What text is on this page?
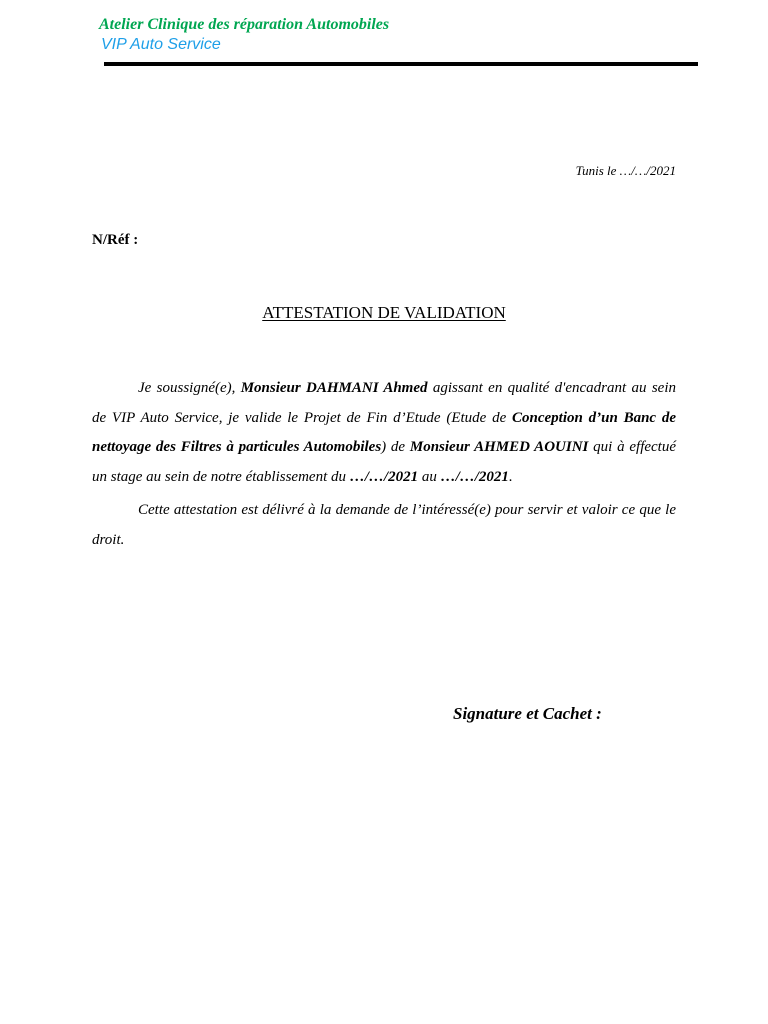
Atelier Clinique des réparation Automobiles
VIP Auto Service
Tunis le …/…/2021
N/Réf :
ATTESTATION DE VALIDATION

Je soussigné(e), Monsieur DAHMANI Ahmed agissant en qualité d'encadrant au sein de VIP Auto Service, je valide le Projet de Fin d’Etude (Etude de Conception d’un Banc de nettoyage des Filtres à particules Automobiles) de Monsieur AHMED AOUINI qui à effectué un stage au sein de notre établissement du …/…/2021 au …/…/2021.

Cette attestation est délivré à la demande de l’intéressé(e) pour servir et valoir ce que le droit.

Signature et Cachet :
